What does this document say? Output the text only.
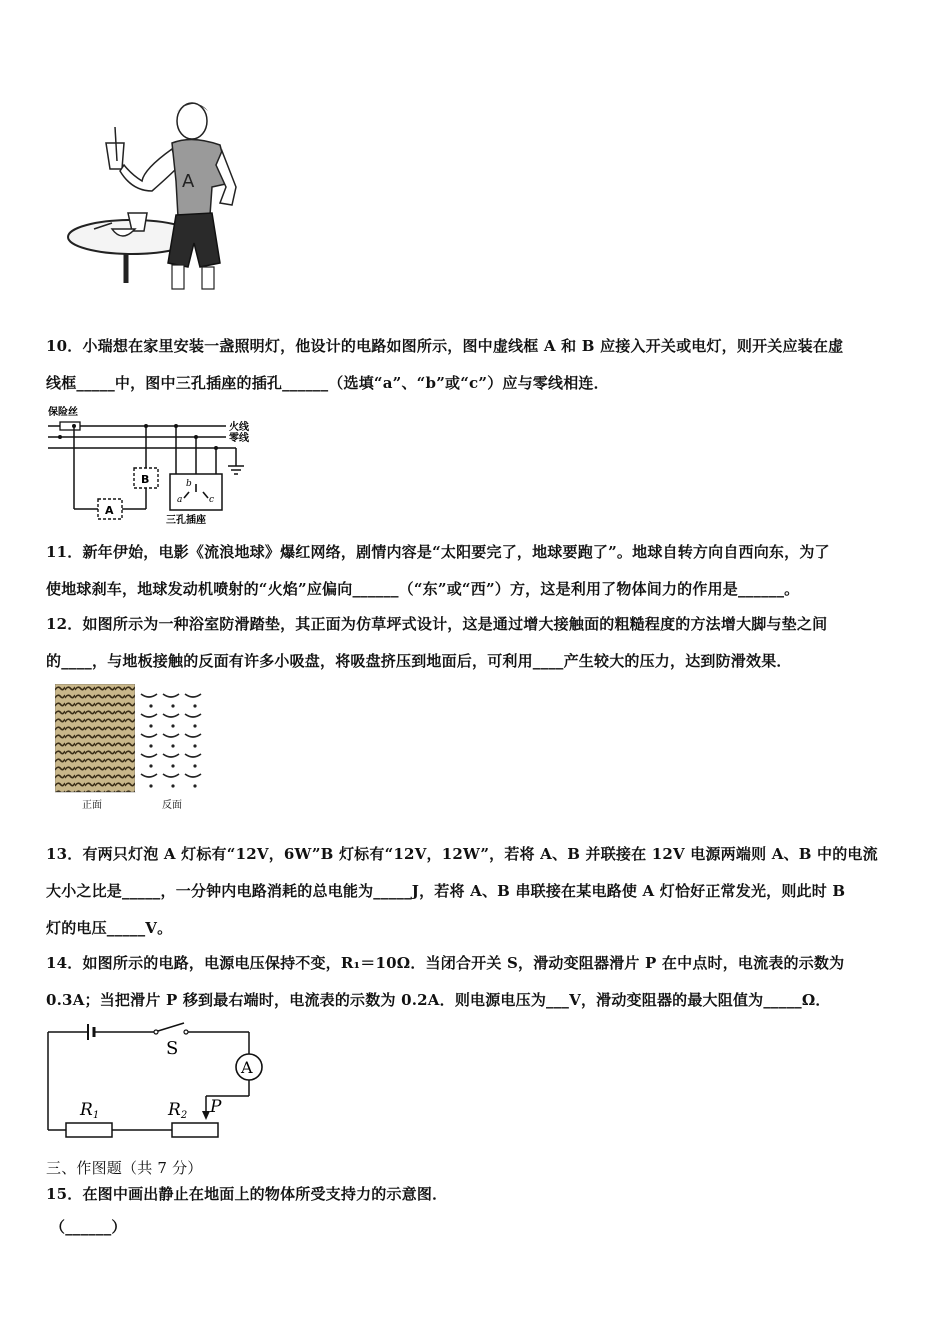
A
10．小瑞想在家里安装一盏照明灯，他设计的电路如图所示，图中虚线框 A 和 B 应接入开关或电灯，则开关应装在虚
线框_____中，图中三孔插座的插孔______（选填“a”、“b”或“c”）应与零线相连．
保险丝
火线
零线
A
B	b
a	c
三孔插座
11．新年伊始，电影《流浪地球》爆红网络，剧情内容是“太阳要完了，地球要跑了”。地球自转方向自西向东，为了
使地球刹车，地球发动机喷射的“火焰”应偏向______（“东”或“西”）方，这是利用了物体间力的作用是______。
12．如图所示为一种浴室防滑踏垫，其正面为仿草坪式设计，这是通过增大接触面的粗糙程度的方法增大脚与垫之间
的____，与地板接触的反面有许多小吸盘，将吸盘挤压到地面后，可利用____产生较大的压力，达到防滑效果．
正面	反面
13．有两只灯泡 A 灯标有“12V，6W”B 灯标有“12V，12W”，若将 A、B 并联接在 12V 电源两端则 A、B 中的电流
大小之比是_____，一分钟内电路消耗的总电能为_____J，若将 A、B 串联接在某电路使 A 灯恰好正常发光，则此时 B
灯的电压_____V。
14．如图所示的电路，电源电压保持不变，R₁＝10Ω．当闭合开关 S，滑动变阻器滑片 P 在中点时，电流表的示数为
0.3A；当把滑片 P 移到最右端时，电流表的示数为 0.2A．则电源电压为___V，滑动变阻器的最大阻值为_____Ω．
S
A
P
R1	R2
三、作图题（共 7 分）
15．在图中画出静止在地面上的物体所受支持力的示意图．
（______）
